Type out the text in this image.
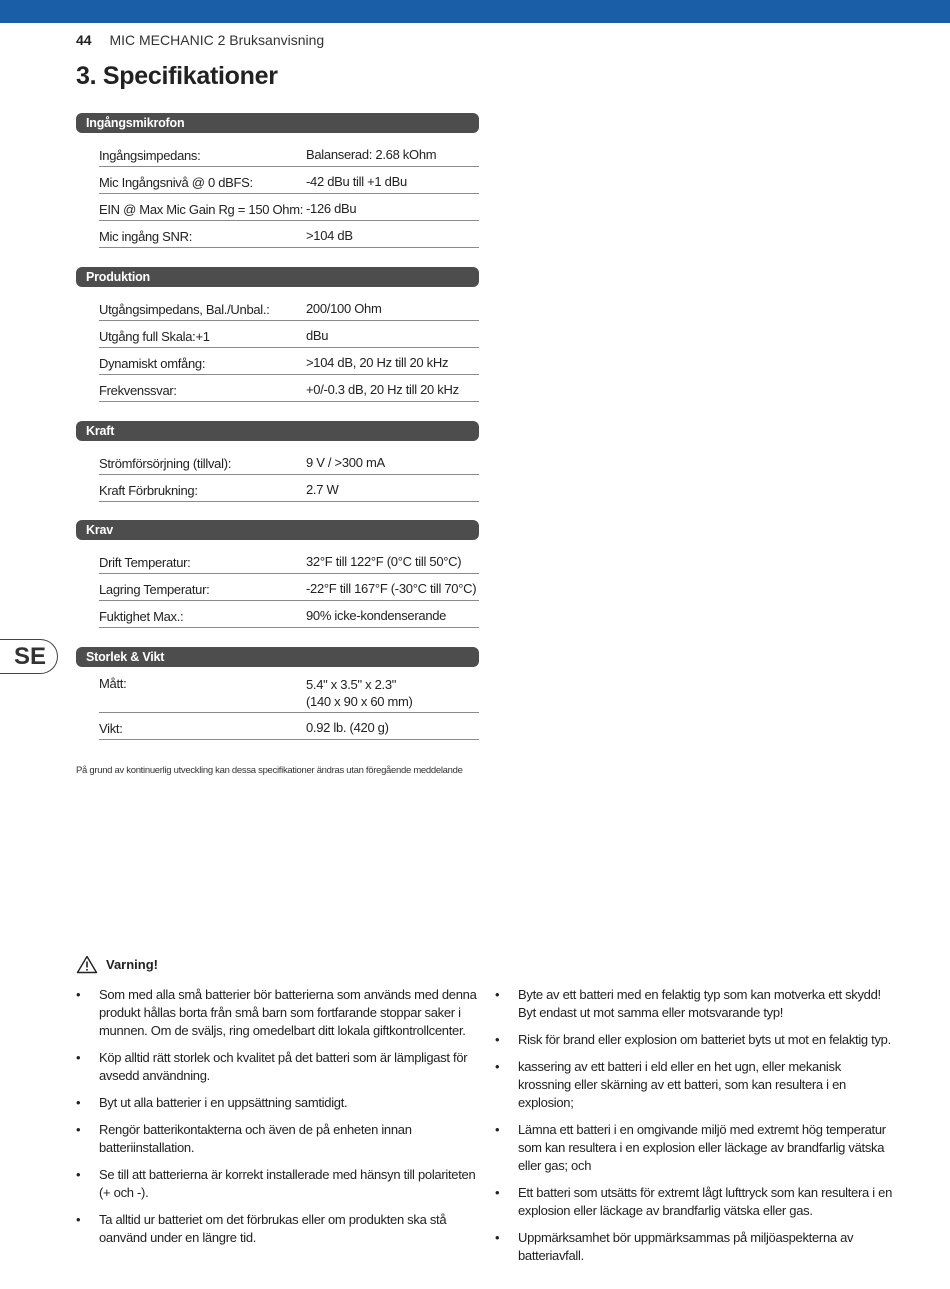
44 MIC MECHANIC 2 Bruksanvisning
3. Specifikationer
Ingångsmikrofon
Ingångsimpedans:	Balanserad: 2.68 kOhm
Mic Ingångsnivå @ 0 dBFS:	-42 dBu till +1 dBu
EIN @ Max Mic Gain Rg = 150 Ohm: -126 dBu
Mic ingång SNR:	>104 dB
Produktion
Utgångsimpedans, Bal./Unbal.:	200/100 Ohm
Utgång full Skala:+1	dBu
Dynamiskt omfång:	>104 dB, 20 Hz till 20 kHz
Frekvenssvar:	+0/-0.3 dB, 20 Hz till 20 kHz
Kraft
Strömförsörjning (tillval):	9 V / >300 mA
Kraft Förbrukning:	2.7 W
Krav
Drift Temperatur:	32°F till 122°F (0°C till 50°C)
Lagring Temperatur:	-22°F till 167°F (-30°C till 70°C)
Fuktighet Max.:	90% icke-kondenserande
Storlek & Vikt
Mått:	5.4" x 3.5" x 2.3"
(140 x 90 x 60 mm)
Vikt:	0.92 lb. (420 g)
SE
På grund av kontinuerlig utveckling kan dessa specifikationer ändras utan föregående meddelande
Varning!
• Som med alla små batterier bör batterierna som används med denna produkt hållas borta från små barn som fortfarande stoppar saker i munnen. Om de sväljs, ring omedelbart ditt lokala giftkontrollcenter.
• Köp alltid rätt storlek och kvalitet på det batteri som är lämpligast för avsedd användning.
• Byt ut alla batterier i en uppsättning samtidigt.
• Rengör batterikontakterna och även de på enheten innan batteriinstallation.
• Se till att batterierna är korrekt installerade med hänsyn till polariteten (+ och -).
• Ta alltid ur batteriet om det förbrukas eller om produkten ska stå oanvänd under en längre tid.
• Byte av ett batteri med en felaktig typ som kan motverka ett skydd! Byt endast ut mot samma eller motsvarande typ!
• Risk för brand eller explosion om batteriet byts ut mot en felaktig typ.
• kassering av ett batteri i eld eller en het ugn, eller mekanisk krossning eller skärning av ett batteri, som kan resultera i en explosion;
• Lämna ett batteri i en omgivande miljö med extremt hög temperatur som kan resultera i en explosion eller läckage av brandfarlig vätska eller gas; och
• Ett batteri som utsätts för extremt lågt lufttryck som kan resultera i en explosion eller läckage av brandfarlig vätska eller gas.
• Uppmärksamhet bör uppmärksammas på miljöaspekterna av batteriavfall.
